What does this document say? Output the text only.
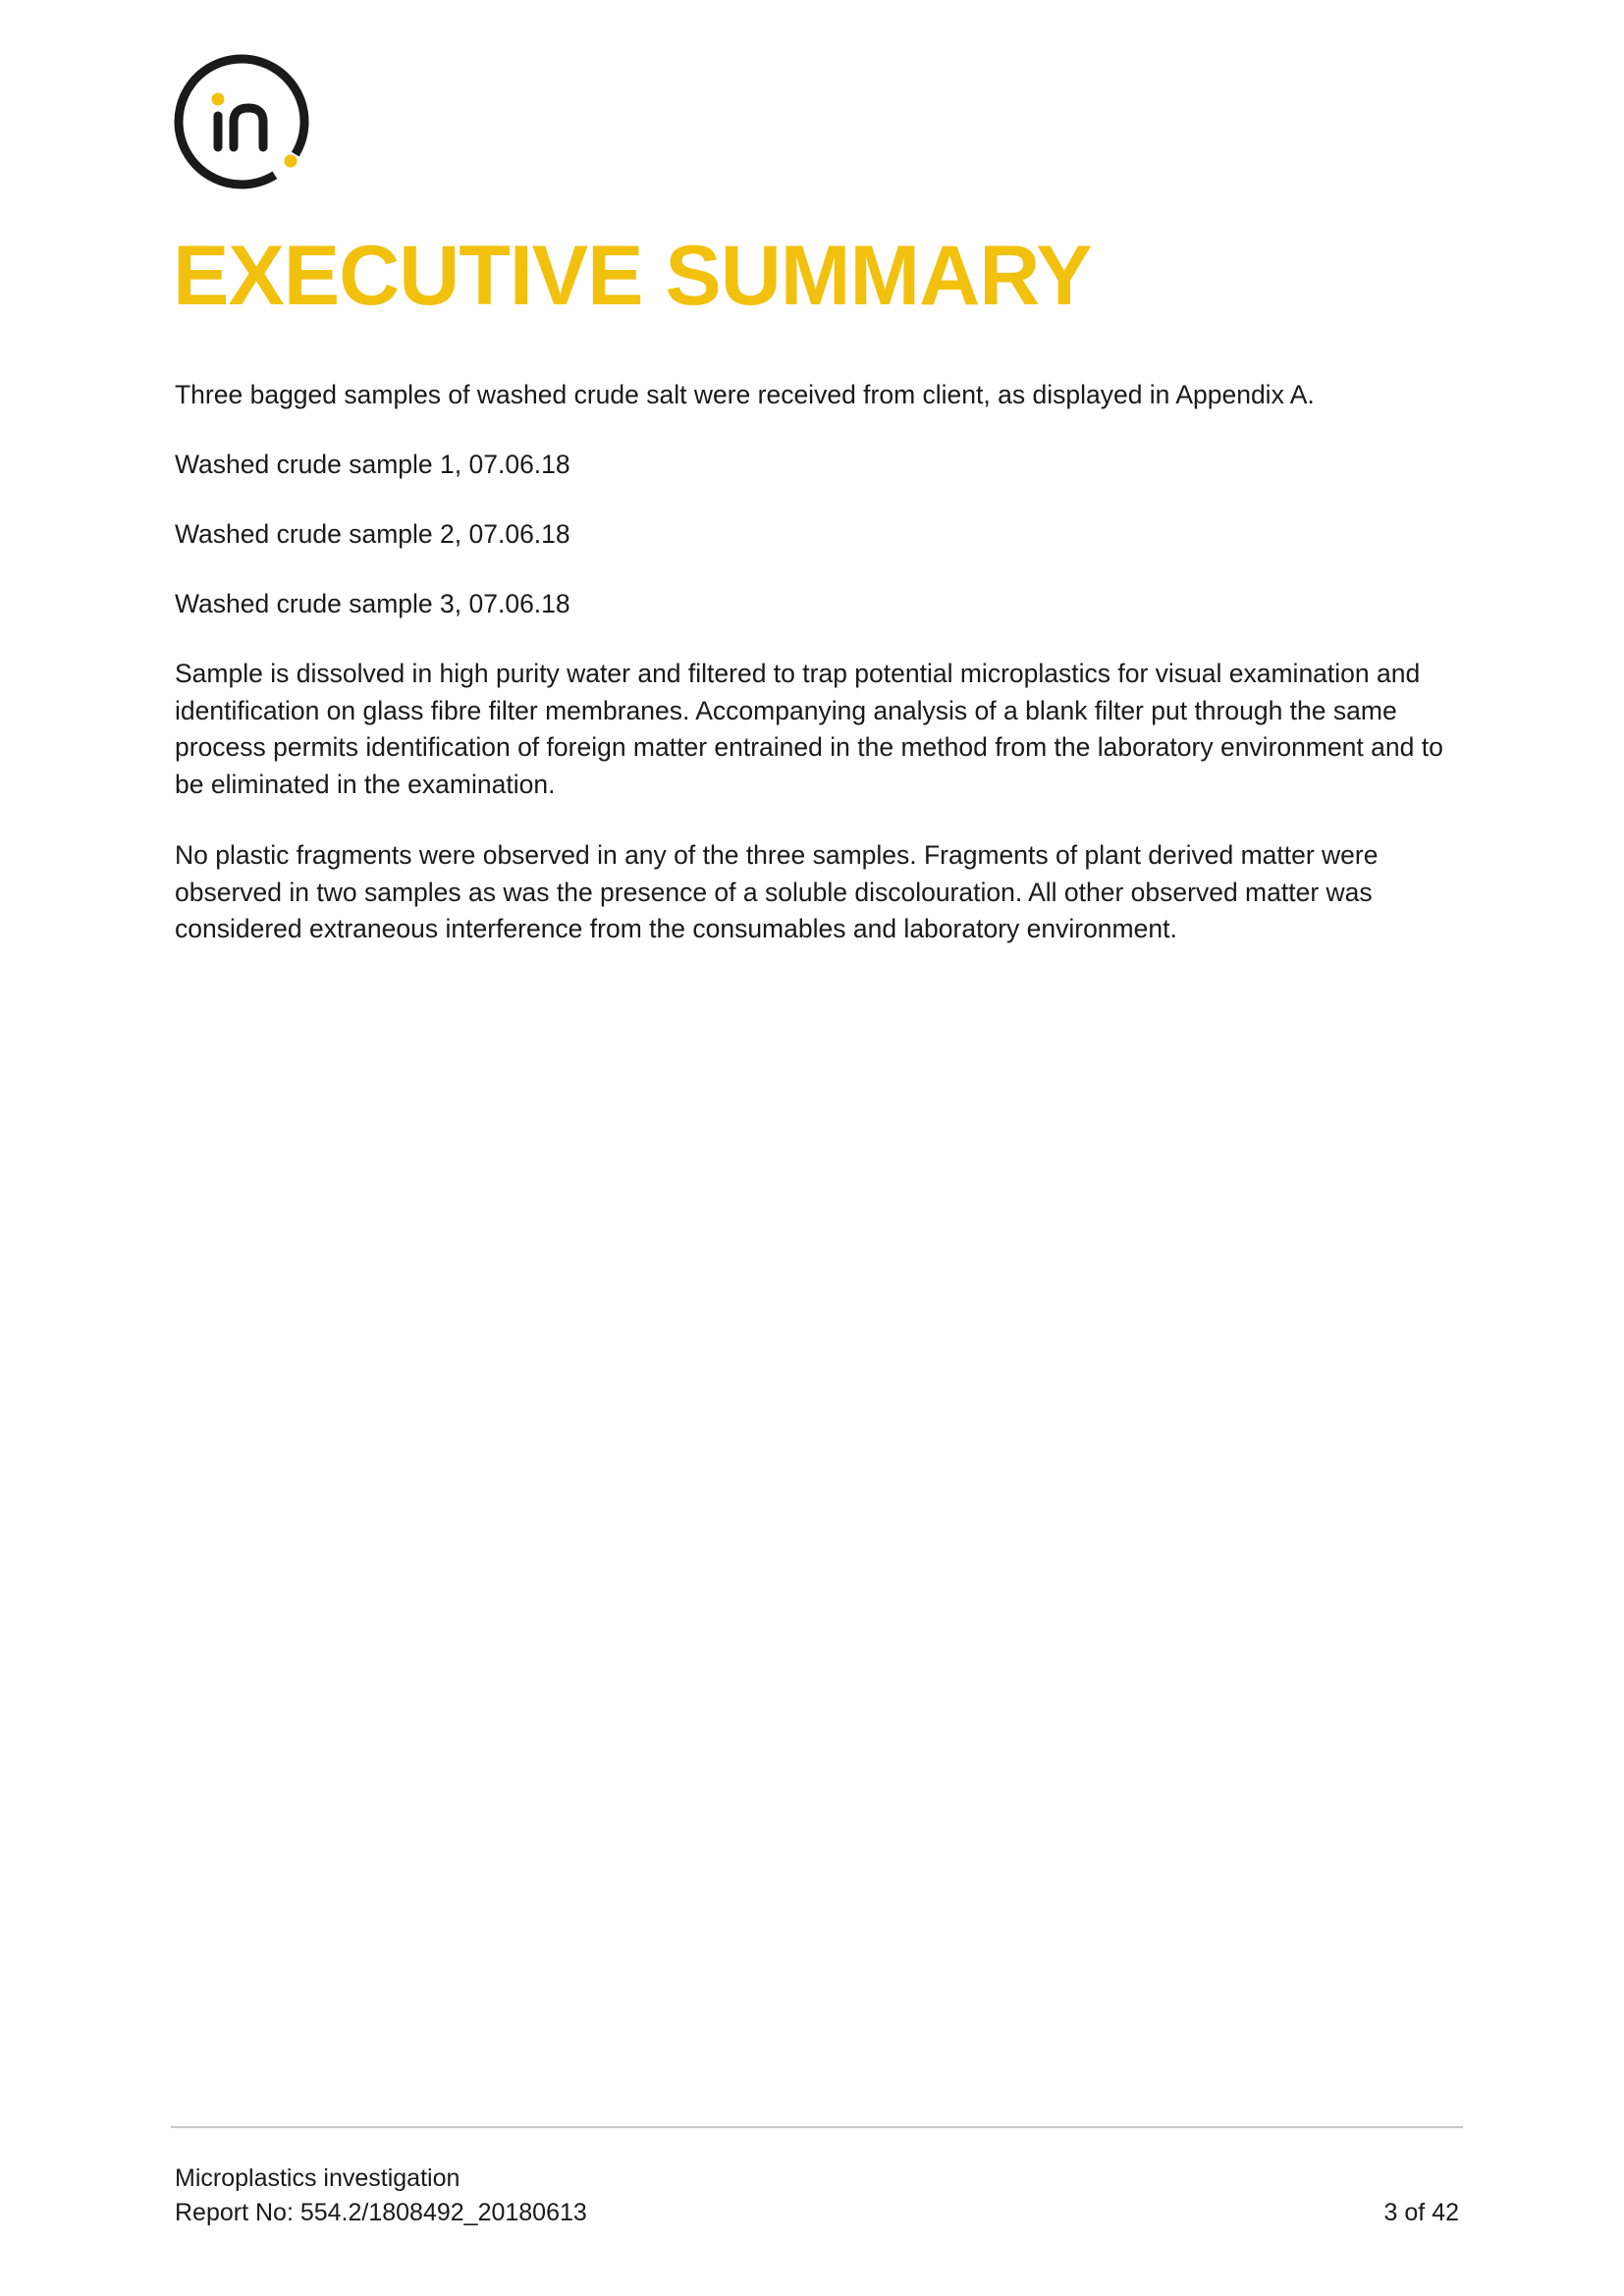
EXECUTIVE SUMMARY

Three bagged samples of washed crude salt were received from client, as displayed in Appendix A.

Washed crude sample 1, 07.06.18

Washed crude sample 2, 07.06.18

Washed crude sample 3, 07.06.18

Sample is dissolved in high purity water and filtered to trap potential microplastics for visual examination and identification on glass fibre filter membranes. Accompanying analysis of a blank filter put through the same process permits identification of foreign matter entrained in the method from the laboratory environment and to be eliminated in the examination.

No plastic fragments were observed in any of the three samples. Fragments of plant derived matter were observed in two samples as was the presence of a soluble discolouration. All other observed matter was considered extraneous interference from the consumables and laboratory environment.

Microplastics investigation
Report No: 554.2/1808492_20180613	3 of 42
